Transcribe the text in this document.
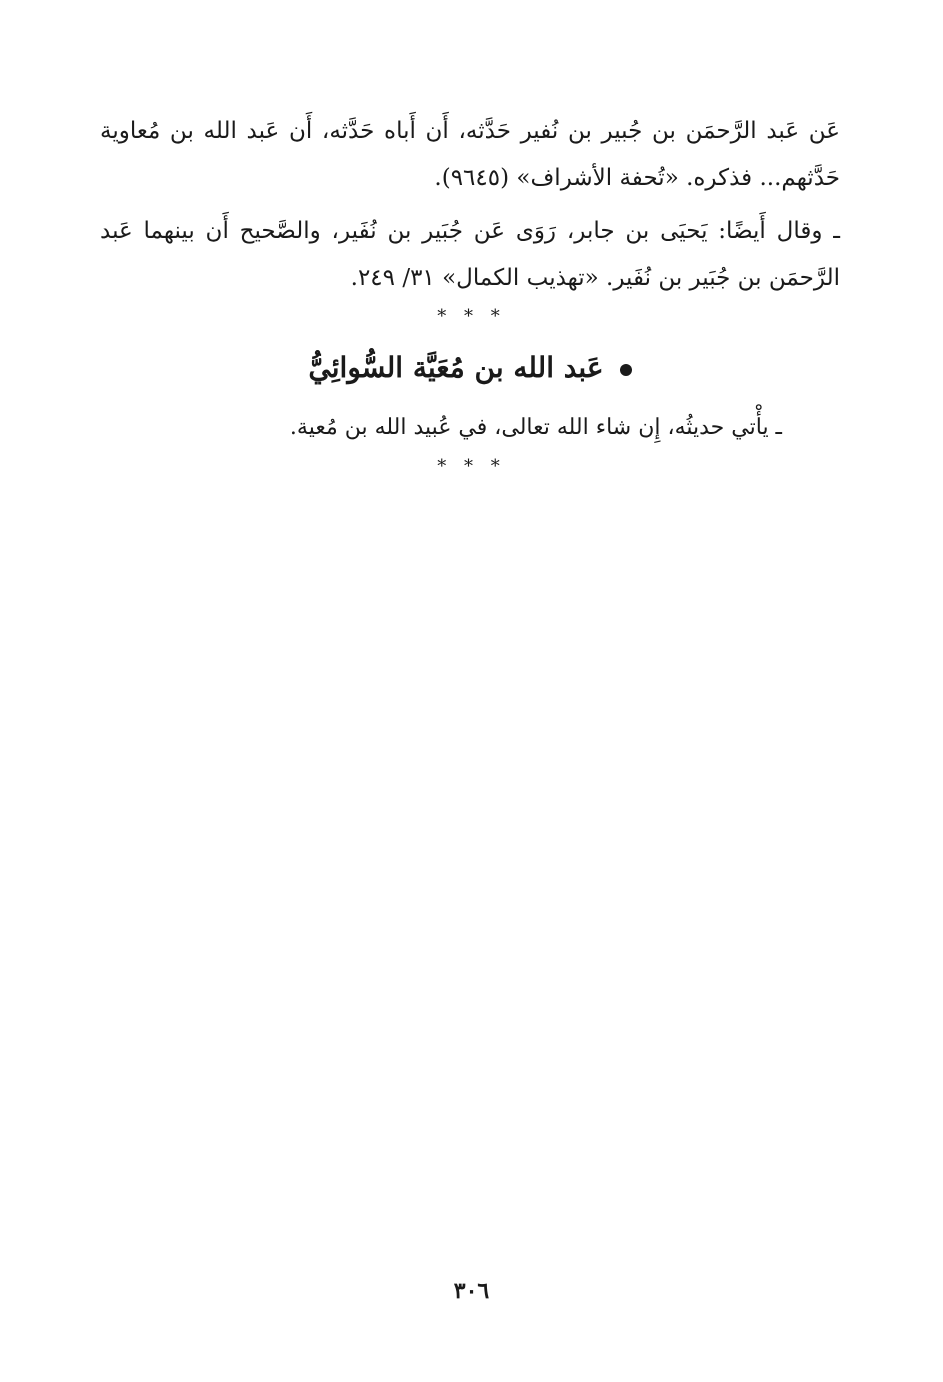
عَن عَبد الرَّحمَن بن جُبير بن نُفير حَدَّثه، أَن أَباه حَدَّثه، أَن عَبد الله بن مُعاوية حَدَّثهم... فذكره. «تُحفة الأشراف» (٩٦٤٥).

ـ وقال أَيضًا: يَحيَى بن جابر، رَوَى عَن جُبَير بن نُفَير، والصَّحيح أَن بينهما عَبد الرَّحمَن بن جُبَير بن نُفَير. «تهذيب الكمال» ٣١/ ٢٤٩.

* * *
عَبد الله بن مُعَيَّة السُّوائِيُّ
ـ يأْتي حديثُه، إِن شاء الله تعالى، في عُبيد الله بن مُعية.
* * *
٣٠٦
